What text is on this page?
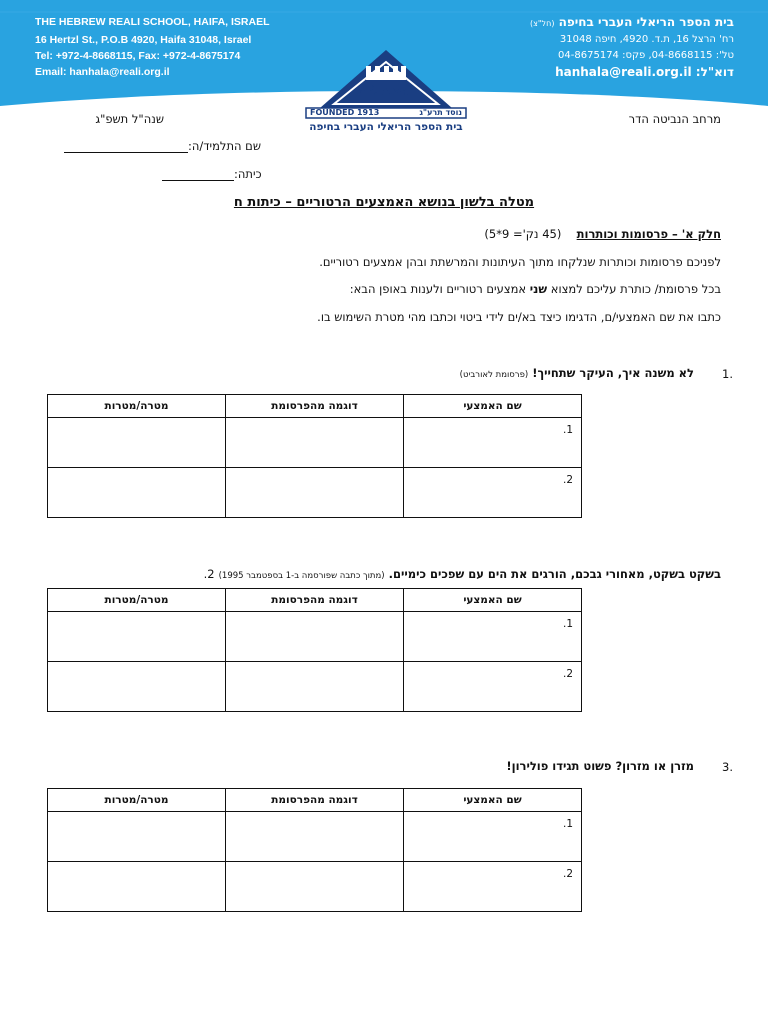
THE HEBREW REALI SCHOOL, HAIFA, ISRAEL
16 Hertzl St., P.O.B 4920, Haifa 31048, Israel
Tel: +972-4-8668115, Fax: +972-4-8675174
Email: hanhala@reali.org.il
בית הספר הריאלי העברי בחיפה (חל"צ)
רח' הרצל 16, ת.ד. 4920, חיפה 31048
טל': 04-8668115, פקס: 04-8675174
דוא"ל: hanhala@reali.org.il
והצנע לכת
FOUNDED 1913	נוסד תרע"ג
בית הספר הריאלי העברי בחיפה
מרחב הנביטה הדר
שנה"ל תשפ"ג
שם התלמיד/ה:
כיתה:
מטלה בלשון בנושא האמצעים הרטוריים – כיתות ח
חלק א' – פרסומות וכותרות  (45 נק'= 9*5)
לפניכם פרסומות וכותרות שנלקחו מתוך העיתונות והמרשתת ובהן אמצעים רטוריים.
בכל פרסומת/ כותרת עליכם למצוא שני אמצעים רטוריים ולענות באופן הבא:
כתבו את שם האמצעי/ם, הדגימו כיצד בא/ים לידי ביטוי וכתבו מהי מטרת השימוש בו.
1.
לא משנה איך, העיקר שתחייך! (פרסומת לאורביט)
שם האמצעי	דוגמה מהפרסומת	מטרה/מטרות
1.		
2.		
בשקט בשקט, מאחורי גבכם, הורגים את הים עם שפכים כימיים. (מתוך כתבה שפורסמה ב-1 בספטמבר 1995) 2.
שם האמצעי	דוגמה מהפרסומת	מטרה/מטרות
1.		
2.		
3.
מזרן או מזרון? פשוט תגידו פולירון!
שם האמצעי	דוגמה מהפרסומת	מטרה/מטרות
1.		
2.		
